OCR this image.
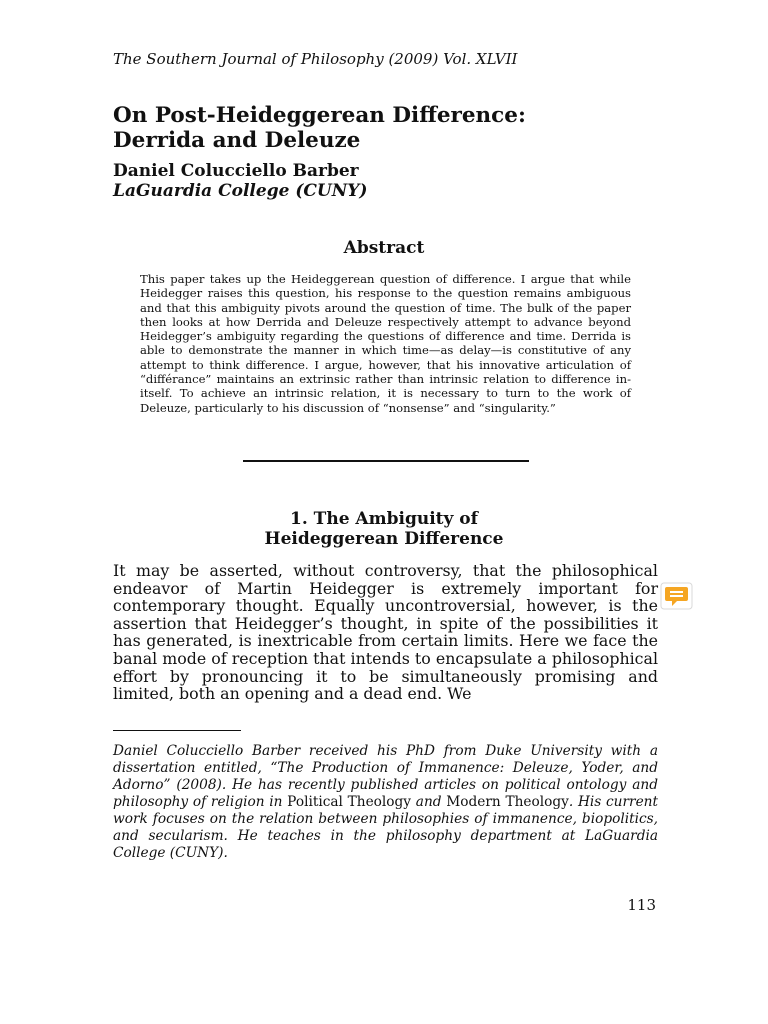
The Southern Journal of Philosophy (2009) Vol. XLVII
On Post-Heideggerean Difference:
Derrida and Deleuze
Daniel Colucciello Barber
LaGuardia College (CUNY)
Abstract
This paper takes up the Heideggerean question of difference. I argue that while Heidegger raises this question, his response to the question remains ambiguous and that this ambiguity pivots around the question of time. The bulk of the paper then looks at how Derrida and Deleuze respectively attempt to advance beyond Heidegger’s ambiguity regarding the questions of difference and time. Derrida is able to demonstrate the manner in which time—as delay—is constitutive of any attempt to think difference. I argue, however, that his innovative articulation of “différance” maintains an extrinsic rather than intrinsic relation to difference in-itself. To achieve an intrinsic relation, it is necessary to turn to the work of Deleuze, particularly to his discussion of “nonsense” and “singularity.”
1. The Ambiguity of
Heideggerean Difference
It may be asserted, without controversy, that the philosophical endeavor of Martin Heidegger is extremely important for contemporary thought. Equally uncontroversial, however, is the assertion that Heidegger’s thought, in spite of the possibilities it has generated, is inextricable from certain limits. Here we face the banal mode of reception that intends to encapsulate a philosophical effort by pronouncing it to be simultaneously promising and limited, both an opening and a dead end. We
Daniel Colucciello Barber received his PhD from Duke University with a dissertation entitled, “The Production of Immanence: Deleuze, Yoder, and Adorno” (2008). He has recently published articles on political ontology and philosophy of religion in Political Theology and Modern Theology. His current work focuses on the relation between philosophies of immanence, biopolitics, and secularism. He teaches in the philosophy department at LaGuardia College (CUNY).
113
